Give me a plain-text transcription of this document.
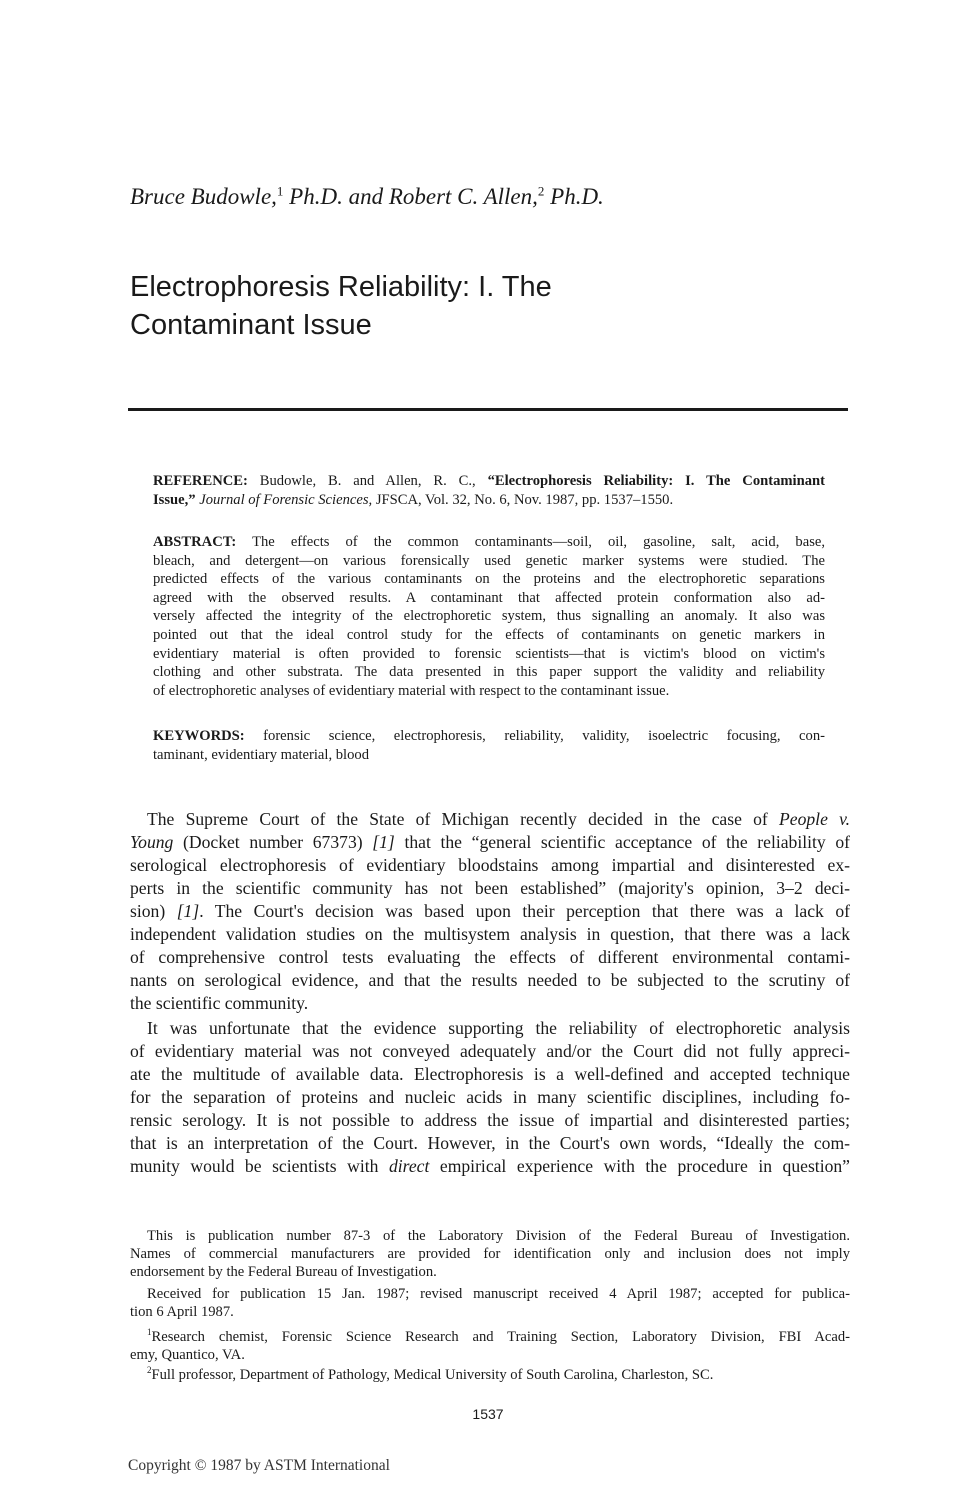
Bruce Budowle,$^1$ Ph.D. and Robert C. Allen,$^2$ Ph.D.
Electrophoresis Reliability: I. The
Contaminant Issue
REFERENCE: Budowle, B. and Allen, R. C., “Electrophoresis Reliability: I. The Contaminant
Issue,” Journal of Forensic Sciences, JFSCA, Vol. 32, No. 6, Nov. 1987, pp. 1537–1550.
ABSTRACT: The effects of the common contaminants—soil, oil, gasoline, salt, acid, base,
bleach, and detergent—on various forensically used genetic marker systems were studied. The
predicted effects of the various contaminants on the proteins and the electrophoretic separations
agreed with the observed results. A contaminant that affected protein conformation also ad-
versely affected the integrity of the electrophoretic system, thus signalling an anomaly. It also was
pointed out that the ideal control study for the effects of contaminants on genetic markers in
evidentiary material is often provided to forensic scientists—that is victim's blood on victim's
clothing and other substrata. The data presented in this paper support the validity and reliability
of electrophoretic analyses of evidentiary material with respect to the contaminant issue.
KEYWORDS: forensic science, electrophoresis, reliability, validity, isoelectric focusing, con-
taminant, evidentiary material, blood
The Supreme Court of the State of Michigan recently decided in the case of People v.
Young (Docket number 67373) [1] that the “general scientific acceptance of the reliability of
serological electrophoresis of evidentiary bloodstains among impartial and disinterested ex-
perts in the scientific community has not been established” (majority's opinion, 3–2 deci-
sion) [1]. The Court's decision was based upon their perception that there was a lack of
independent validation studies on the multisystem analysis in question, that there was a lack
of comprehensive control tests evaluating the effects of different environmental contami-
nants on serological evidence, and that the results needed to be subjected to the scrutiny of
the scientific community.
It was unfortunate that the evidence supporting the reliability of electrophoretic analysis
of evidentiary material was not conveyed adequately and/or the Court did not fully appreci-
ate the multitude of available data. Electrophoresis is a well-defined and accepted technique
for the separation of proteins and nucleic acids in many scientific disciplines, including fo-
rensic serology. It is not possible to address the issue of impartial and disinterested parties;
that is an interpretation of the Court. However, in the Court's own words, “Ideally the com-
munity would be scientists with direct empirical experience with the procedure in question”
This is publication number 87-3 of the Laboratory Division of the Federal Bureau of Investigation.
Names of commercial manufacturers are provided for identification only and inclusion does not imply
endorsement by the Federal Bureau of Investigation.
Received for publication 15 Jan. 1987; revised manuscript received 4 April 1987; accepted for publica-
tion 6 April 1987.
$^1$Research chemist, Forensic Science Research and Training Section, Laboratory Division, FBI Acad-
emy, Quantico, VA.
$^2$Full professor, Department of Pathology, Medical University of South Carolina, Charleston, SC.
1537
Copyright © 1987 by ASTM International
